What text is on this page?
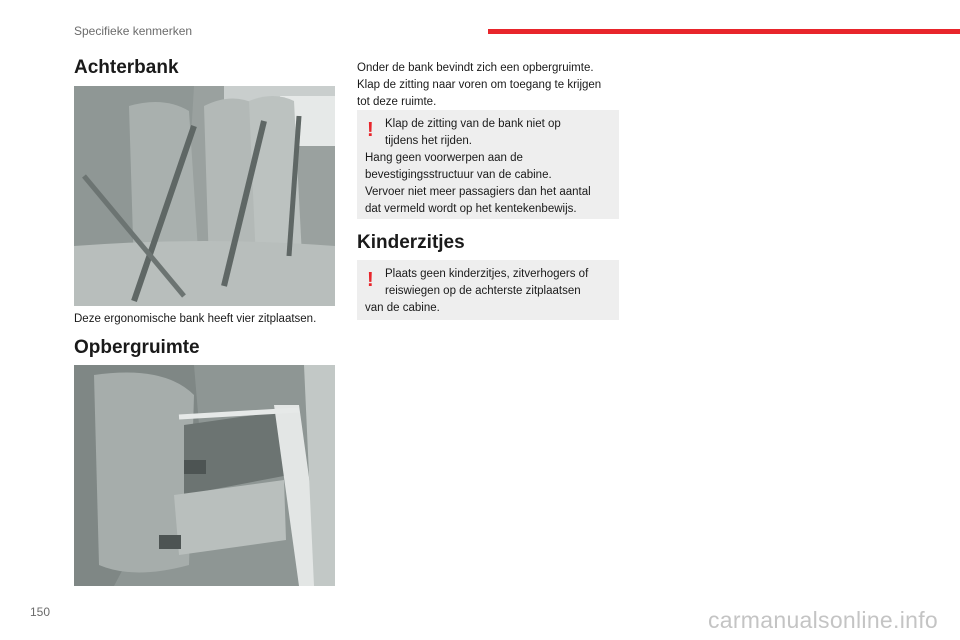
Specifieke kenmerken
Achterbank
Deze ergonomische bank heeft vier zitplaatsen.
Opbergruimte

Onder de bank bevindt zich een opbergruimte.
Klap de zitting naar voren om toegang te krijgen
tot deze ruimte.

! Klap de zitting van de bank niet op
tijdens het rijden.
Hang geen voorwerpen aan de
bevestigingsstructuur van de cabine.
Vervoer niet meer passagiers dan het aantal
dat vermeld wordt op het kentekenbewijs.
Kinderzitjes
! Plaats geen kinderzitjes, zitverhogers of
reiswiegen op de achterste zitplaatsen
van de cabine.
150	carmanualsonline.info
